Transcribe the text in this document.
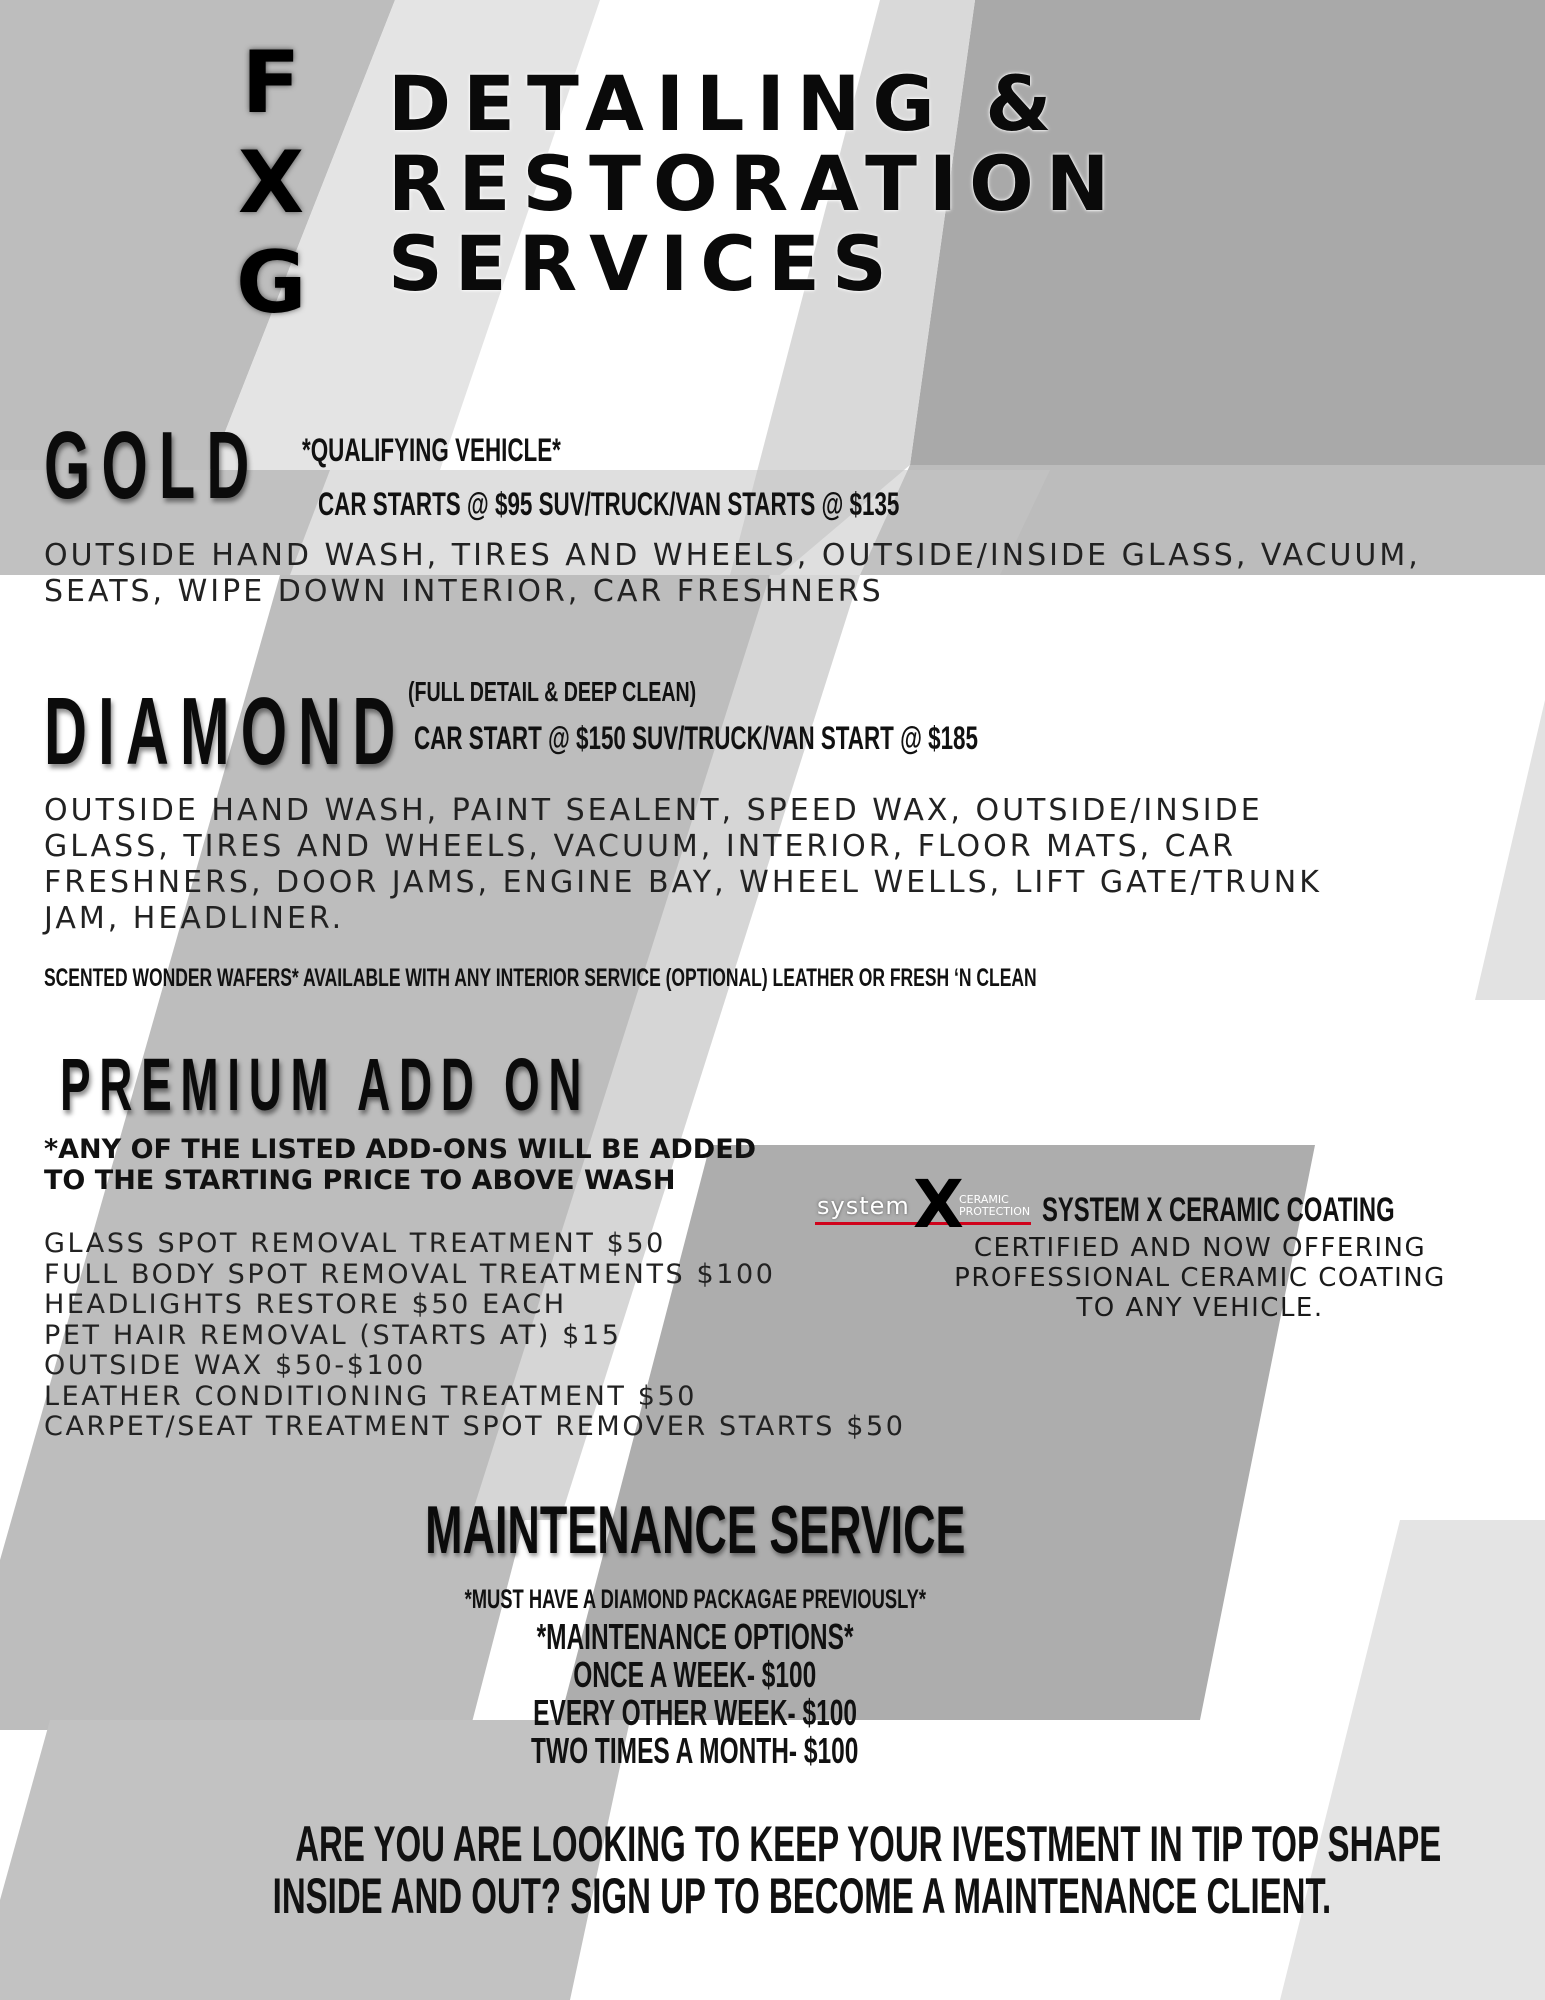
F
X
G
DETAILING &
RESTORATION
SERVICES
GOLD *QUALIFYING VEHICLE*
CAR STARTS @ $95 SUV/TRUCK/VAN STARTS @ $135
OUTSIDE HAND WASH, TIRES AND WHEELS, OUTSIDE/INSIDE GLASS, VACUUM,
SEATS, WIPE DOWN INTERIOR, CAR FRESHNERS
DIAMOND (FULL DETAIL & DEEP CLEAN)
CAR START @ $150 SUV/TRUCK/VAN START @ $185
OUTSIDE HAND WASH, PAINT SEALENT, SPEED WAX, OUTSIDE/INSIDE
GLASS, TIRES AND WHEELS, VACUUM, INTERIOR, FLOOR MATS, CAR
FRESHNERS, DOOR JAMS, ENGINE BAY, WHEEL WELLS, LIFT GATE/TRUNK
JAM, HEADLINER.
SCENTED WONDER WAFERS* AVAILABLE WITH ANY INTERIOR SERVICE (OPTIONAL) LEATHER OR FRESH ‘N CLEAN
PREMIUM ADD ON
*ANY OF THE LISTED ADD-ONS WILL BE ADDED
TO THE STARTING PRICE TO ABOVE WASH
GLASS SPOT REMOVAL TREATMENT $50
FULL BODY SPOT REMOVAL TREATMENTS $100
HEADLIGHTS RESTORE $50 EACH
PET HAIR REMOVAL (STARTS AT) $15
OUTSIDE WAX $50-$100
LEATHER CONDITIONING TREATMENT $50
CARPET/SEAT TREATMENT SPOT REMOVER STARTS $50
system X
CERAMIC
PROTECTION SYSTEM X CERAMIC COATING
CERTIFIED AND NOW OFFERING
PROFESSIONAL CERAMIC COATING
TO ANY VEHICLE.
MAINTENANCE SERVICE
*MUST HAVE A DIAMOND PACKAGAE PREVIOUSLY*
*MAINTENANCE OPTIONS*
ONCE A WEEK- $100
EVERY OTHER WEEK- $100
TWO TIMES A MONTH- $100
ARE YOU ARE LOOKING TO KEEP YOUR IVESTMENT IN TIP TOP SHAPE
INSIDE AND OUT? SIGN UP TO BECOME A MAINTENANCE CLIENT.
